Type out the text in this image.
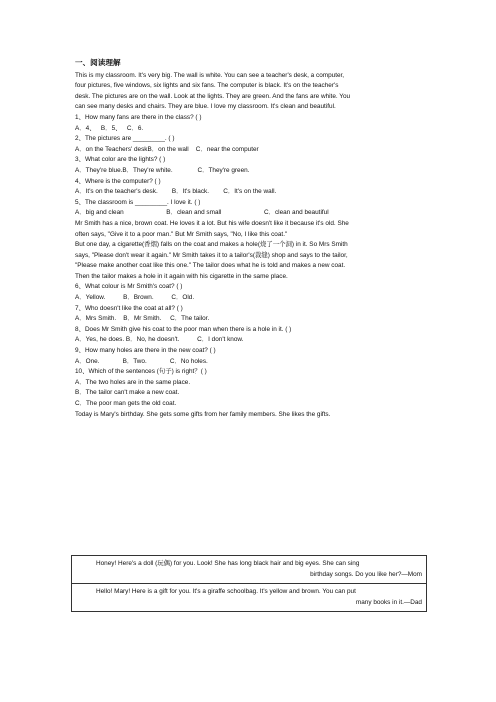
一、阅读理解
This is my classroom. It's very big. The wall is white. You can see a teacher's desk, a computer,
four pictures, five windows, six lights and six fans. The computer is black. It's on the teacher's
desk. The pictures are on the wall. Look at the lights. They are green. And the fans are white. You
can see many desks and chairs. They are blue. I love my classroom. It's clean and beautiful.
1、How many fans are there in the class? ( )
A．4、   B．5、   C．6.
2、The pictures are _________. ( )
A．on the Teachers' deskB．on the wall    C．near the computer
3、What color are the lights? ( )
A．They're blue.B．They're white.              C．They're green.
4、Where is the computer? ( )
A．It's on the teacher's desk.        B．It's black.        C．It's on the wall.
5、The classroom is _________. I love it. ( )
A．big and clean                        B．clean and small                        C．clean and beautiful
Mr Smith has a nice, brown coat. He loves it a lot. But his wife doesn't like it because it's old. She
often says, "Give it to a poor man." But Mr Smith says, "No, I like this coat."
But one day, a cigarette(香烟) falls on the coat and makes a hole(烧了一个洞) in it. So Mrs Smith
says, "Please don't wear it again." Mr Smith takes it to a tailor's(裁缝) shop and says to the tailor,
"Please make another coat like this one." The tailor does what he is told and makes a new coat.
Then the tailor makes a hole in it again with his cigarette in the same place.
6、What colour is Mr Smith's coat? ( )
A．Yellow.          B．Brown.          C．Old.
7、Who doesn't like the coat at all? ( )
A．Mrs Smith.    B．Mr Smith.     C．The tailor.
8、Does Mr Smith give his coat to the poor man when there is a hole in it. ( )
A．Yes, he does. B．No, he doesn't.          C．I don't know.
9、How many holes are there in the new coat? ( )
A．One.             B．Two.             C．No holes.
10、Which of the sentences (句子) is right？( )
A．The two holes are in the same place.
B．The tailor can't make a new coat.
C．The poor man gets the old coat.
Today is Mary's birthday. She gets some gifts from her family members. She likes the gifts.
Honey! Here's a doll (玩偶) for you. Look! She has long black hair and big eyes. She can sing
birthday songs. Do you like her?—Mom
Hello! Mary! Here is a gift for you. It's a giraffe schoolbag. It's yellow and brown. You can put
many books in it.—Dad
